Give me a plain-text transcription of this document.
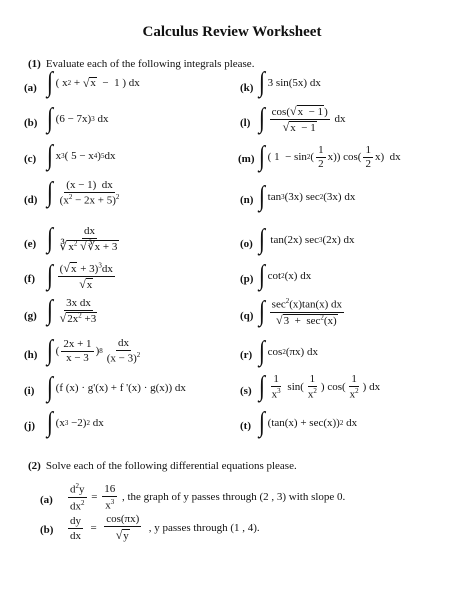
Calculus Review Worksheet
(1) Evaluate each of the following integrals please.
(a)
(b)
(c)
(d)
(e)
(f)
(g)
(h)
(i)
(j)
(k)
(l)
(m)
(n)
(o)
(p)
(q)
(r)
(s)
(t)
∫ ( x 2 + √ x −  1 ) dx
∫ (6 − 7x) 3 dx
∫ x 3 ( 5 − x 4 ) 5 dx
∫ $\frac{(x - 1) dx}{(x^2 - 2x + 5)^2}$
∫ $\frac{dx}{∛x^2 √∛x + 3}$
∫ $\frac{(√x + 3)^3dx}{√x}$
∫ $\frac{\text{3x dx}}{√2x^2 +3}$
∫ ( $\frac{2x + 1}{x - 3}$ ) $8 \frac{dx}{(x - 3)^2}$
∫ (f (x) · g'(x) + f '(x) · g(x)) dx
∫ (x 3 −2) 2 dx
∫ 3 sin(5x) dx
∫ $\frac{\cos(√x - 1)}{√x - 1}$ dx
∫ ( 1  − sin 2 ( $\frac{1}{2} x$)) $\cos( \frac{1}{2} x)$  dx
∫ tan 3 (3x) sec 2 (3x) dx
∫ tan(2x) sec 3 (2x) dx
∫ cot 2 (x) dx
∫ $\frac{\sec^2(x)\tan(x) dx}{√3 + \sec^2(x)}$
∫ cos 2 (πx) dx
∫ $\frac{1}{x^3} \sin( \frac{1}{x^2}$ ) $\cos( \frac{1}{x^2}$ ) dx
∫ (tan(x) + sec(x)) 2 dx
(2) Solve each of the following differential equations please.
$(a) \frac{d^2y}{dx^2} = \frac{16}{x^3}$
, the graph of y passes through (2 , 3) with slope 0.
$(b) \frac{dy}{dx} = \frac{\cos(\pi x)}{√y}$
, y passes through (1 , 4).
